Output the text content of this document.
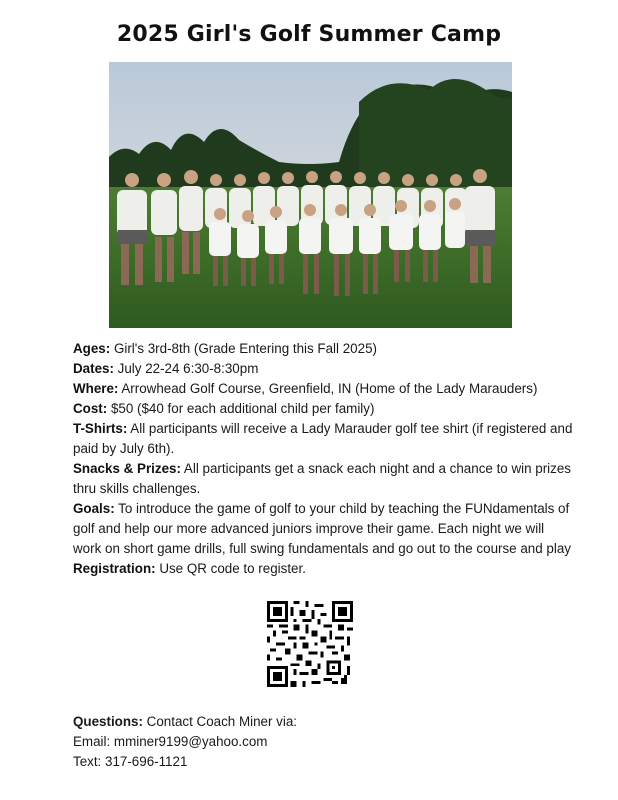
2025 Girl's Golf Summer Camp

Ages: Girl's 3rd-8th (Grade Entering this Fall 2025)

Dates: July 22-24 6:30-8:30pm

Where: Arrowhead Golf Course, Greenfield, IN (Home of the Lady Marauders)

Cost: $50 ($40 for each additional child per family)

T-Shirts: All participants will receive a Lady Marauder golf tee shirt (if registered and paid by July 6th).

Snacks & Prizes: All participants get a snack each night and a chance to win prizes thru skills challenges.

Goals: To introduce the game of golf to your child by teaching the FUNdamentals of golf and help our more advanced juniors improve their game. Each night we will work on short game drills, full swing fundamentals and go out to the course and play

Registration: Use QR code to register.

Questions: Contact Coach Miner via:

Email: mminer9199@yahoo.com

Text: 317-696-1121
